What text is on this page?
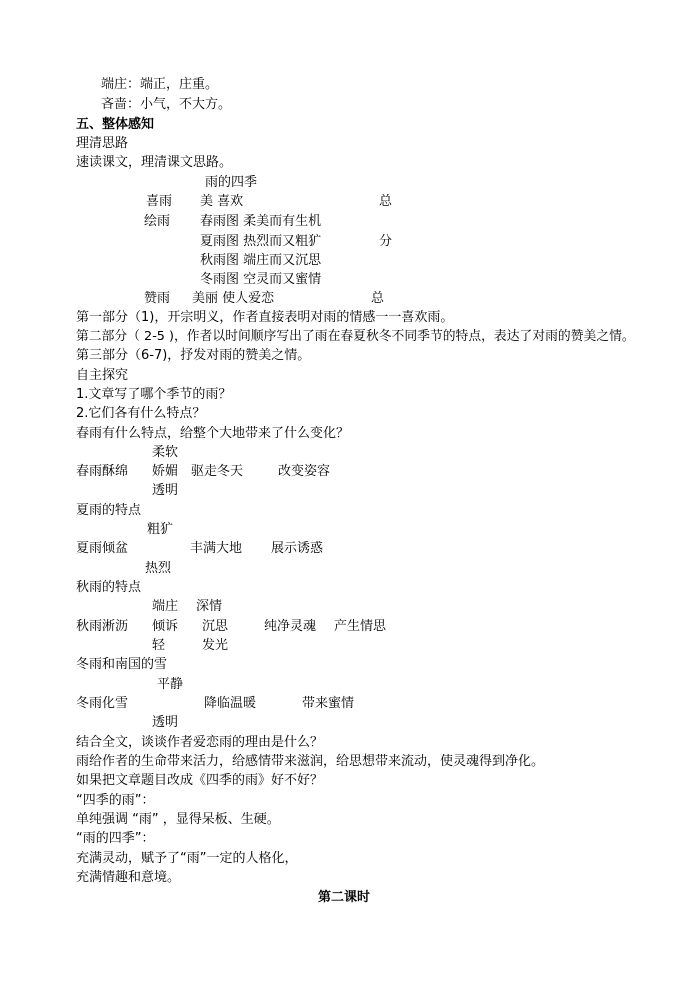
端庄：端正，庄重。
吝啬：小气，不大方。
五、整体感知
理清思路
速读课文，理清课文思路。
雨的四季
喜雨 美 喜欢	总
绘雨 春雨图 柔美而有生机
夏雨图 热烈而又粗犷	分
秋雨图 端庄而又沉思
冬雨图 空灵而又蜜情
赞雨 美丽 使人爱恋	总
第一部分（1)，开宗明义，作者直接表明对雨的情感一一喜欢雨。
第二部分（ 2-5 )，作者以时间顺序写出了雨在春夏秋冬不同季节的特点，表达了对雨的赞美之情。
第三部分（6-7)，抒发对雨的赞美之情。
自主探究
1.文章写了哪个季节的雨？
2.它们各有什么特点？
春雨有什么特点，给整个大地带来了什么变化？
柔软
春雨酥绵 娇媚 驱走冬天	改变姿容
透明
夏雨的特点
粗犷
夏雨倾盆	丰满大地 展示诱惑
热烈
秋雨的特点
端庄 深情
秋雨淅沥 倾诉 沉思	纯净灵魂 产生情思
轻	发光
冬雨和南国的雪
平静
冬雨化雪	降临温暖	带来蜜情
透明
结合全文，谈谈作者爱恋雨的理由是什么？
雨给作者的生命带来活力，给感情带来滋润，给思想带来流动，使灵魂得到净化。
如果把文章题目改成《四季的雨》好不好？
“四季的雨”：
单纯强调 “雨” ，显得呆板、生硬。
“雨的四季”：
充满灵动，赋予了“雨”一定的人格化，
充满情趣和意境。
第二课时
